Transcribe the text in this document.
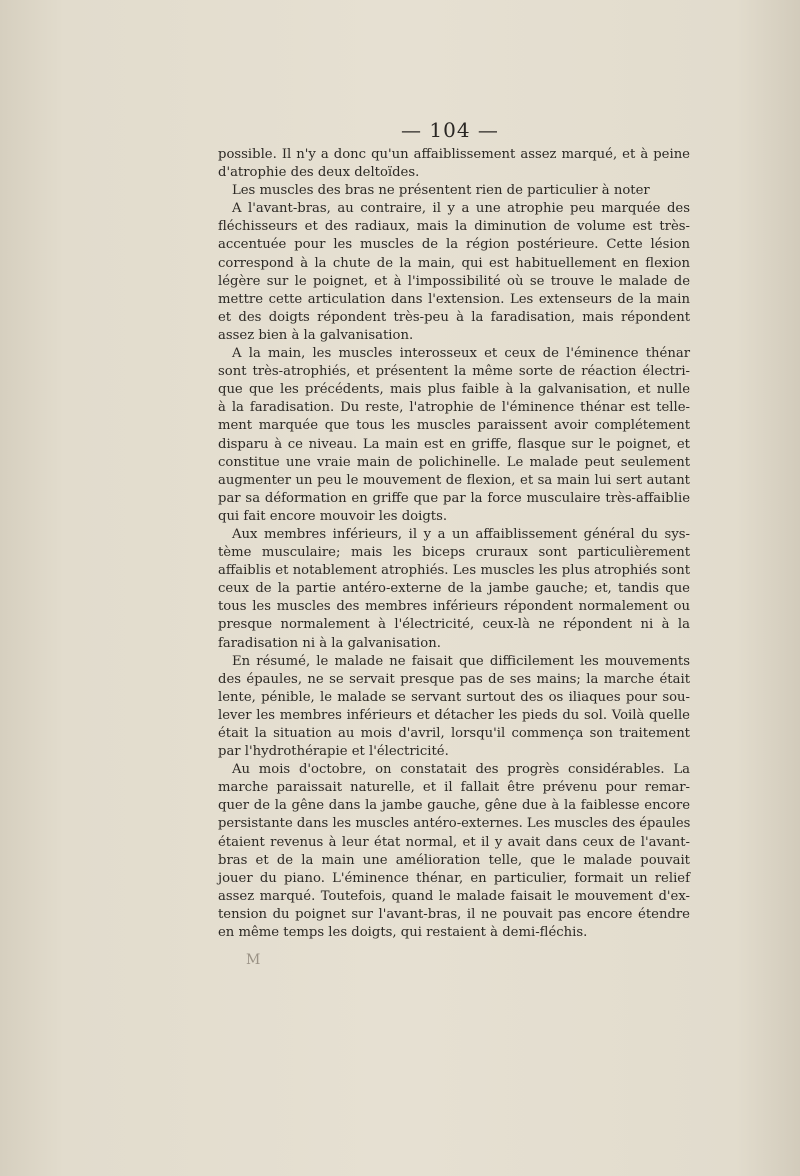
— 104 —
possible. Il n'y a donc qu'un affaiblissement assez marqué, et à peine
d'atrophie des deux deltoïdes.
Les muscles des bras ne présentent rien de particulier à noter
A l'avant-bras, au contraire, il y a une atrophie peu marquée des
fléchisseurs et des radiaux, mais la diminution de volume est très-
accentuée pour les muscles de la région postérieure. Cette lésion
correspond à la chute de la main, qui est habituellement en flexion
légère sur le poignet, et à l'impossibilité où se trouve le malade de
mettre cette articulation dans l'extension. Les extenseurs de la main
et des doigts répondent très-peu à la faradisation, mais répondent
assez bien à la galvanisation.
A la main, les muscles interosseux et ceux de l'éminence thénar
sont très-atrophiés, et présentent la même sorte de réaction électri-
que que les précédents, mais plus faible à la galvanisation, et nulle
à la faradisation. Du reste, l'atrophie de l'éminence thénar est telle-
ment marquée que tous les muscles paraissent avoir complétement
disparu à ce niveau. La main est en griffe, flasque sur le poignet, et
constitue une vraie main de polichinelle. Le malade peut seulement
augmenter un peu le mouvement de flexion, et sa main lui sert autant
par sa déformation en griffe que par la force musculaire très-affaiblie
qui fait encore mouvoir les doigts.
Aux membres inférieurs, il y a un affaiblissement général du sys-
tème musculaire; mais les biceps cruraux sont particulièrement
affaiblis et notablement atrophiés. Les muscles les plus atrophiés sont
ceux de la partie antéro-externe de la jambe gauche; et, tandis que
tous les muscles des membres inférieurs répondent normalement ou
presque normalement à l'électricité, ceux-là ne répondent ni à la
faradisation ni à la galvanisation.
En résumé, le malade ne faisait que difficilement les mouvements
des épaules, ne se servait presque pas de ses mains; la marche était
lente, pénible, le malade se servant surtout des os iliaques pour sou-
lever les membres inférieurs et détacher les pieds du sol. Voilà quelle
était la situation au mois d'avril, lorsqu'il commença son traitement
par l'hydrothérapie et l'électricité.
Au mois d'octobre, on constatait des progrès considérables. La
marche paraissait naturelle, et il fallait être prévenu pour remar-
quer de la gêne dans la jambe gauche, gêne due à la faiblesse encore
persistante dans les muscles antéro-externes. Les muscles des épaules
étaient revenus à leur état normal, et il y avait dans ceux de l'avant-
bras et de la main une amélioration telle, que le malade pouvait
jouer du piano. L'éminence thénar, en particulier, formait un relief
assez marqué. Toutefois, quand le malade faisait le mouvement d'ex-
tension du poignet sur l'avant-bras, il ne pouvait pas encore étendre
en même temps les doigts, qui restaient à demi-fléchis.
M
